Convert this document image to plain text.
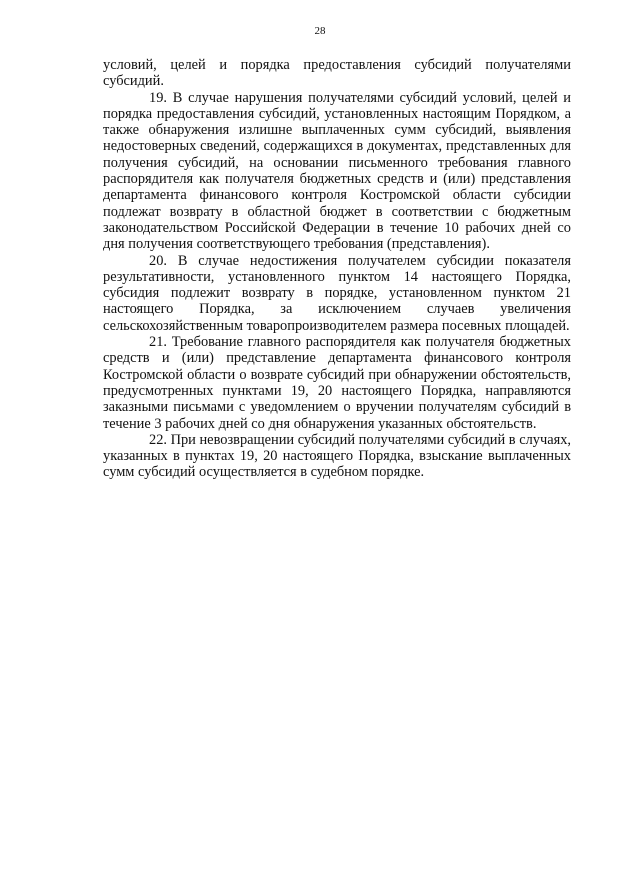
28

условий, целей и порядка предоставления субсидий получателями субсидий.

19. В случае нарушения получателями субсидий условий, целей и порядка предоставления субсидий, установленных настоящим Порядком, а также обнаружения излишне выплаченных сумм субсидий, выявления недостоверных сведений, содержащихся в документах, представленных для получения субсидий, на основании письменного требования главного распорядителя как получателя бюджетных средств и (или) представления департамента финансового контроля Костромской области субсидии подлежат возврату в областной бюджет в соответствии с бюджетным законодательством Российской Федерации в течение 10 рабочих дней со дня получения соответствующего требования (представления).

20. В случае недостижения получателем субсидии показателя результативности, установленного пунктом 14 настоящего Порядка, субсидия подлежит возврату в порядке, установленном пунктом 21 настоящего Порядка, за исключением случаев увеличения сельскохозяйственным товаропроизводителем размера посевных площадей.

21. Требование главного распорядителя как получателя бюджетных средств и (или) представление департамента финансового контроля Костромской области о возврате субсидий при обнаружении обстоятельств, предусмотренных пунктами 19, 20 настоящего Порядка, направляются заказными письмами с уведомлением о вручении получателям субсидий в течение 3 рабочих дней со дня обнаружения указанных обстоятельств.

22. При невозвращении субсидий получателями субсидий в случаях, указанных в пунктах 19, 20 настоящего Порядка, взыскание выплаченных сумм субсидий осуществляется в судебном порядке.
